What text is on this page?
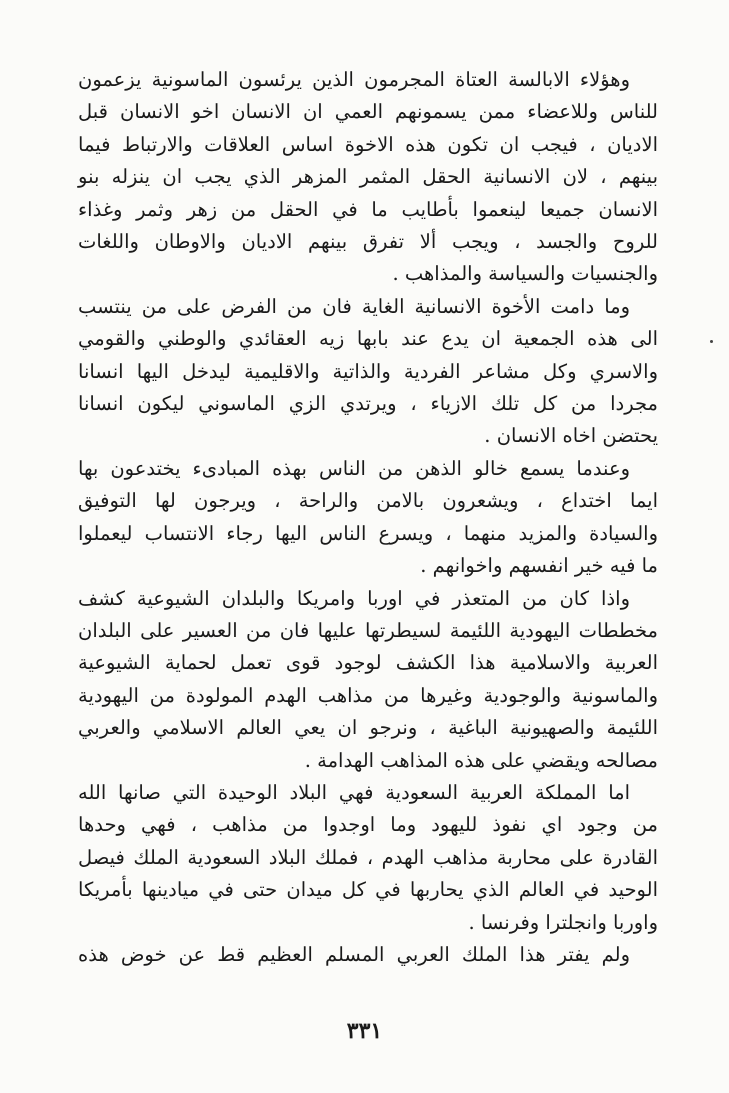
وهؤلاء الابالسة العتاة المجرمون الذين يرئسون الماسونية يزعمون
للناس وللاعضاء ممن يسمونهم العمي ان الانسان اخو الانسان قبل
الاديان ، فيجب ان تكون هذه الاخوة اساس العلاقات والارتباط فيما
بينهم ، لان الانسانية الحقل المثمر المزهر الذي يجب ان ينزله بنو
الانسان جميعا لينعموا بأطايب ما في الحقل من زهر وثمر وغذاء
للروح والجسد ، ويجب ألا تفرق بينهم الاديان والاوطان واللغات
والجنسيات والسياسة والمذاهب .
وما دامت الأخوة الانسانية الغاية فان من الفرض على من ينتسب
الى هذه الجمعية ان يدع عند بابها زيه العقائدي والوطني والقومي
والاسري وكل مشاعر الفردية والذاتية والاقليمية ليدخل اليها انسانا
مجردا من كل تلك الازياء ، ويرتدي الزي الماسوني ليكون انسانا
يحتضن اخاه الانسان .
وعندما يسمع خالو الذهن من الناس بهذه المبادىء يختدعون بها
ايما اختداع ، ويشعرون بالامن والراحة ، ويرجون لها التوفيق
والسيادة والمزيد منهما ، ويسرع الناس اليها رجاء الانتساب ليعملوا
ما فيه خير انفسهم واخوانهم .
واذا كان من المتعذر في اوربا وامريكا والبلدان الشيوعية كشف
مخططات اليهودية اللئيمة لسيطرتها عليها فان من العسير على البلدان
العربية والاسلامية هذا الكشف لوجود قوى تعمل لحماية الشيوعية
والماسونية والوجودية وغيرها من مذاهب الهدم المولودة من اليهودية
اللئيمة والصهيونية الباغية ، ونرجو ان يعي العالم الاسلامي والعربي
مصالحه ويقضي على هذه المذاهب الهدامة .
اما المملكة العربية السعودية فهي البلاد الوحيدة التي صانها الله
من وجود اي نفوذ لليهود وما اوجدوا من مذاهب ، فهي وحدها
القادرة على محاربة مذاهب الهدم ، فملك البلاد السعودية الملك فيصل
الوحيد في العالم الذي يحاربها في كل ميدان حتى في ميادينها بأمريكا
واوربا وانجلترا وفرنسا .
ولم يفتر هذا الملك العربي المسلم العظيم قط عن خوض هذه
٣٣١
